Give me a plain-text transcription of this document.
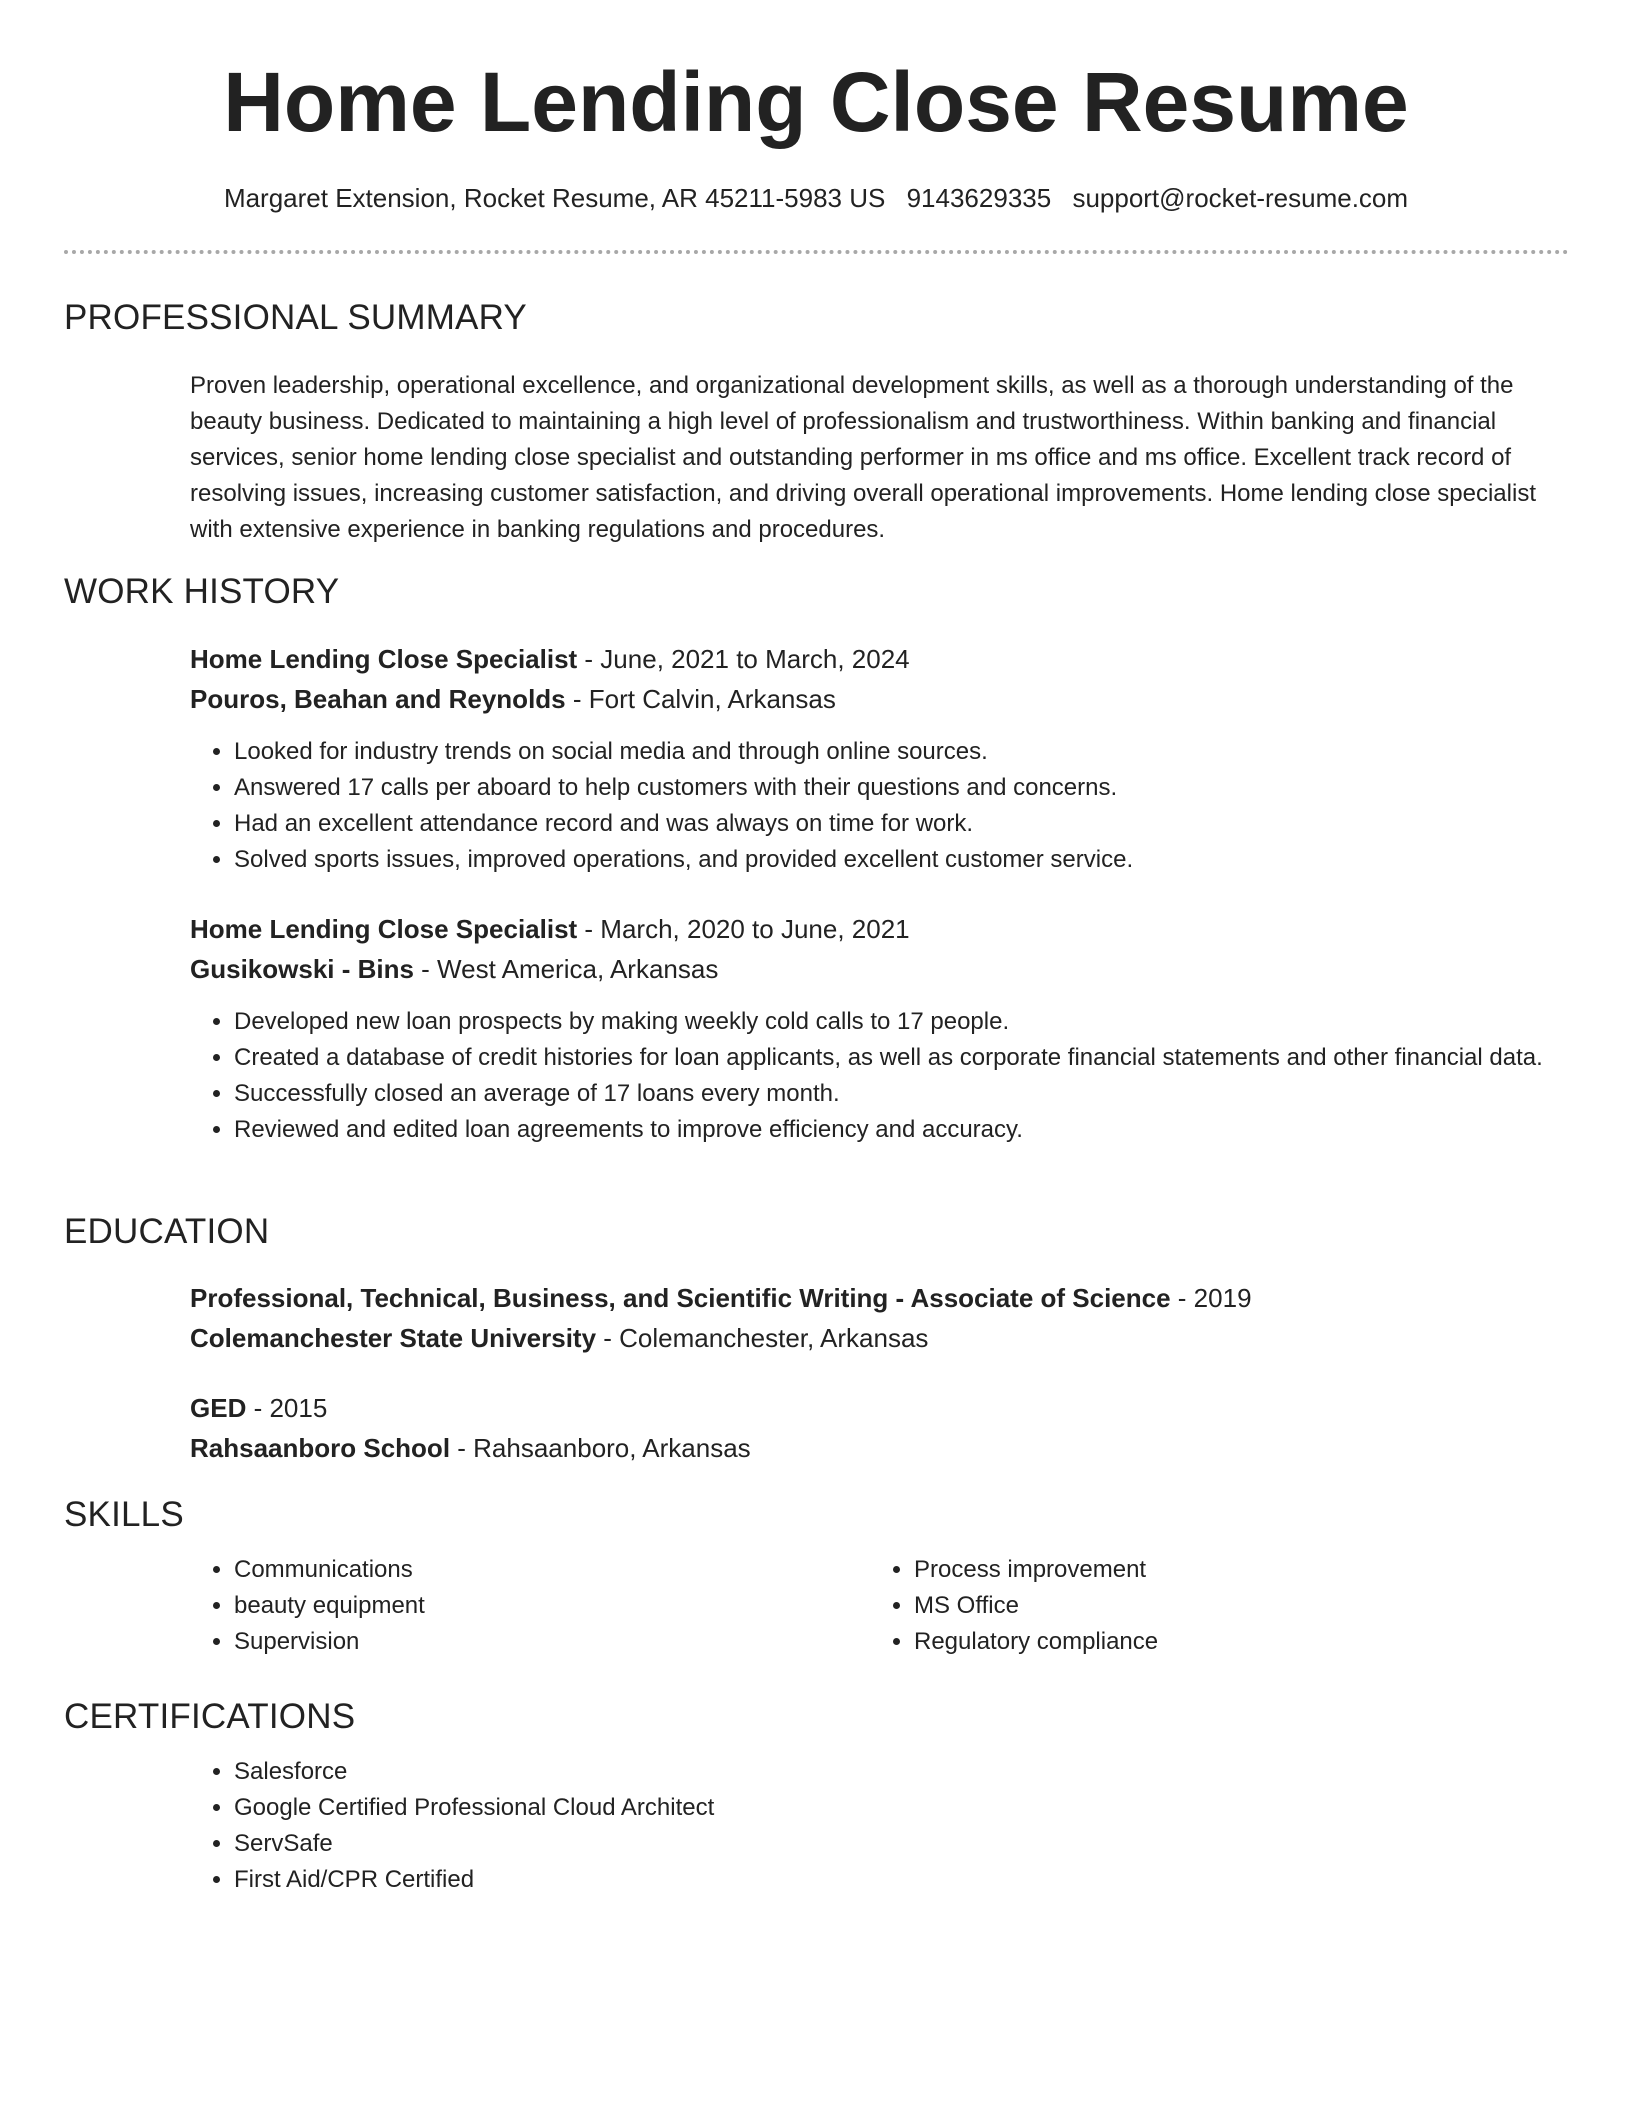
Home Lending Close Resume
Margaret Extension, Rocket Resume, AR 45211-5983 US 9143629335 support@rocket-resume.com
PROFESSIONAL SUMMARY

Proven leadership, operational excellence, and organizational development skills, as well as a thorough understanding of the beauty business. Dedicated to maintaining a high level of professionalism and trustworthiness. Within banking and financial services, senior home lending close specialist and outstanding performer in ms office and ms office. Excellent track record of resolving issues, increasing customer satisfaction, and driving overall operational improvements. Home lending close specialist with extensive experience in banking regulations and procedures.

WORK HISTORY
Home Lending Close Specialist - June, 2021 to March, 2024
Pouros, Beahan and Reynolds - Fort Calvin, Arkansas
• Looked for industry trends on social media and through online sources.
• Answered 17 calls per aboard to help customers with their questions and concerns.
• Had an excellent attendance record and was always on time for work.
• Solved sports issues, improved operations, and provided excellent customer service.
Home Lending Close Specialist - March, 2020 to June, 2021
Gusikowski - Bins - West America, Arkansas
• Developed new loan prospects by making weekly cold calls to 17 people.
• Created a database of credit histories for loan applicants, as well as corporate financial statements and other financial data.
• Successfully closed an average of 17 loans every month.
• Reviewed and edited loan agreements to improve efficiency and accuracy.
EDUCATION
Professional, Technical, Business, and Scientific Writing - Associate of Science - 2019
Colemanchester State University - Colemanchester, Arkansas
GED - 2015
Rahsaanboro School - Rahsaanboro, Arkansas
SKILLS
• Communications
• beauty equipment
• Supervision
• Process improvement
• MS Office
• Regulatory compliance
CERTIFICATIONS
• Salesforce
• Google Certified Professional Cloud Architect
• ServSafe
• First Aid/CPR Certified
